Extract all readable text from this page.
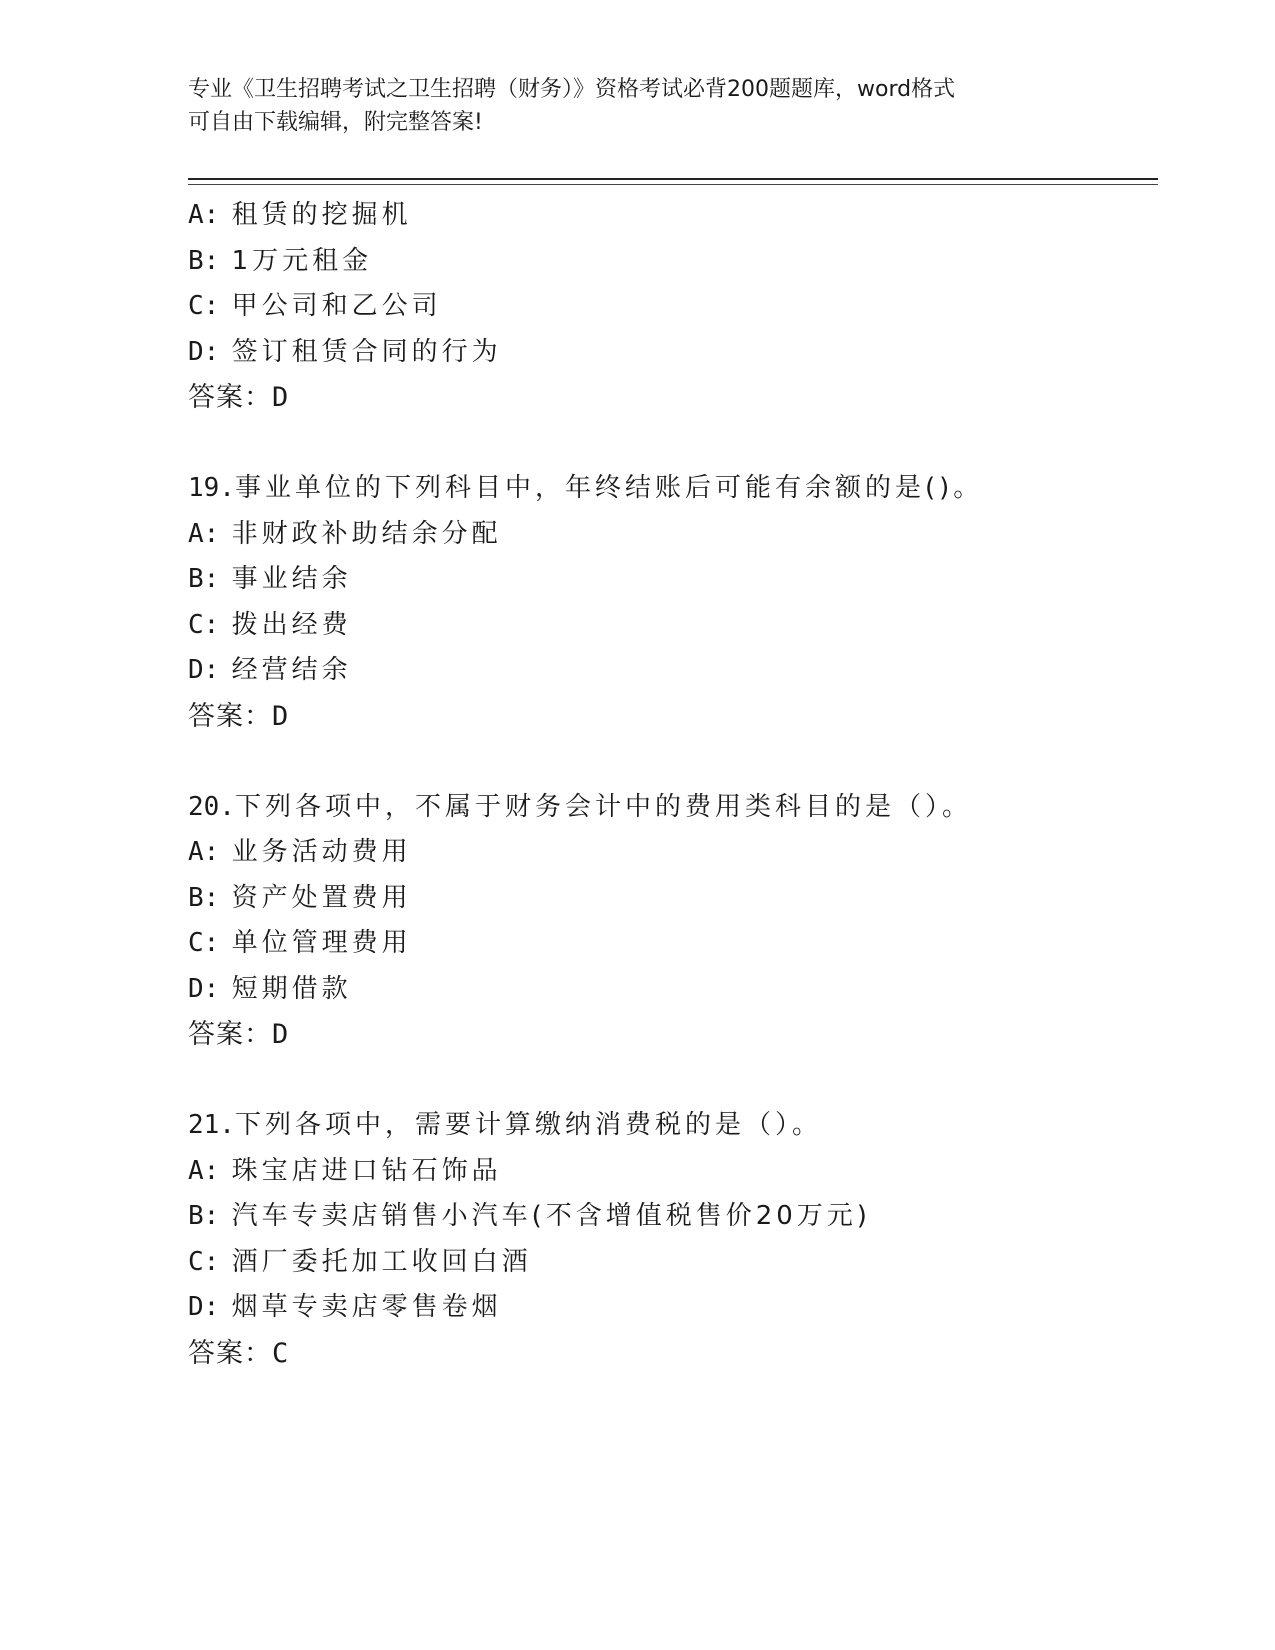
专业《卫生招聘考试之卫生招聘（财务）》资格考试必背200题题库，word格式
可自由下载编辑，附完整答案!
A: 租赁的挖掘机
B: 1万元租金
C: 甲公司和乙公司
D: 签订租赁合同的行为
答案：D
19.事业单位的下列科目中，年终结账后可能有余额的是()。
A: 非财政补助结余分配
B: 事业结余
C: 拨出经费
D: 经营结余
答案：D
20.下列各项中，不属于财务会计中的费用类科目的是（）。
A: 业务活动费用
B: 资产处置费用
C: 单位管理费用
D: 短期借款
答案：D
21.下列各项中，需要计算缴纳消费税的是（）。
A: 珠宝店进口钻石饰品
B: 汽车专卖店销售小汽车(不含增值税售价20万元)
C: 酒厂委托加工收回白酒
D: 烟草专卖店零售卷烟
答案：C
